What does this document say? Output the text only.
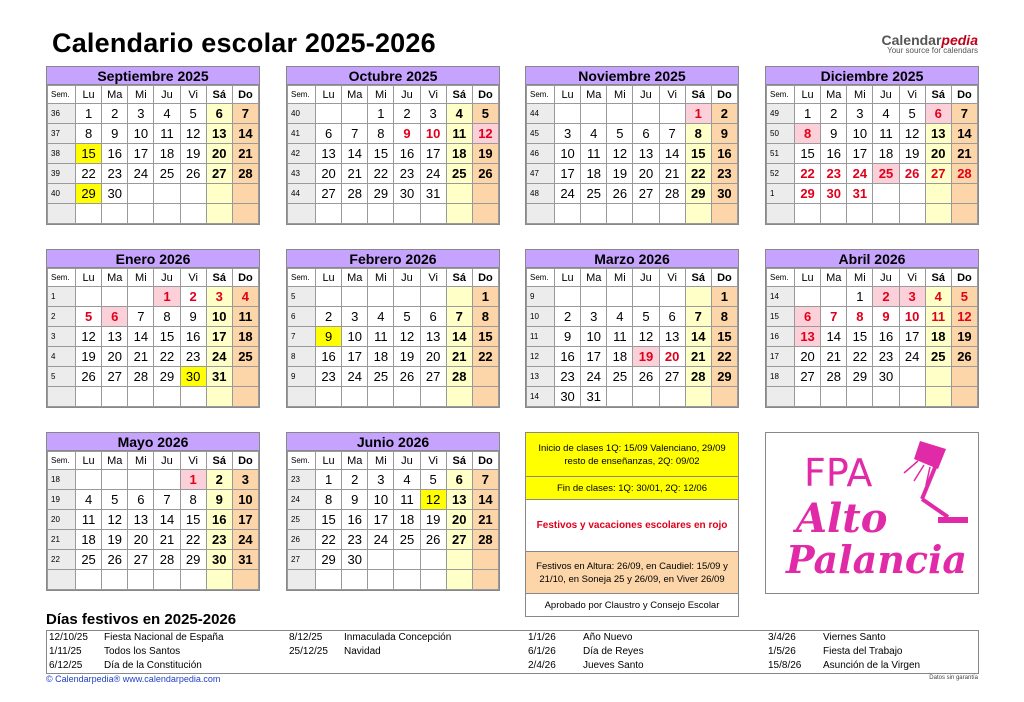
Calendario escolar 2025-2026	Calendarpedia
Your source for calendars
Septiembre 2025
Sem.	Lu	Ma	Mi	Ju	Vi	Sá	Do
36	1	2	3	4	5	6	7
37	8	9	10	11	12	13	14
38	15	16	17	18	19	20	21
39	22	23	24	25	26	27	28
40	29	30					

Octubre 2025
Sem.	Lu	Ma	Mi	Ju	Vi	Sá	Do
40			1	2	3	4	5
41	6	7	8	9	10	11	12
42	13	14	15	16	17	18	19
43	20	21	22	23	24	25	26
44	27	28	29	30	31		

Noviembre 2025
Sem.	Lu	Ma	Mi	Ju	Vi	Sá	Do
44						1	2
45	3	4	5	6	7	8	9
46	10	11	12	13	14	15	16
47	17	18	19	20	21	22	23
48	24	25	26	27	28	29	30

Diciembre 2025
Sem.	Lu	Ma	Mi	Ju	Vi	Sá	Do
49	1	2	3	4	5	6	7
50	8	9	10	11	12	13	14
51	15	16	17	18	19	20	21
52	22	23	24	25	26	27	28
1	29	30	31				

Enero 2026
Sem.	Lu	Ma	Mi	Ju	Vi	Sá	Do
1				1	2	3	4
2	5	6	7	8	9	10	11
3	12	13	14	15	16	17	18
4	19	20	21	22	23	24	25
5	26	27	28	29	30	31	

Febrero 2026
Sem.	Lu	Ma	Mi	Ju	Vi	Sá	Do
5							1
6	2	3	4	5	6	7	8
7	9	10	11	12	13	14	15
8	16	17	18	19	20	21	22
9	23	24	25	26	27	28	

Marzo 2026
Sem.	Lu	Ma	Mi	Ju	Vi	Sá	Do
9							1
10	2	3	4	5	6	7	8
11	9	10	11	12	13	14	15
12	16	17	18	19	20	21	22
13	23	24	25	26	27	28	29
14	30	31					
Abril 2026
Sem.	Lu	Ma	Mi	Ju	Vi	Sá	Do
14			1	2	3	4	5
15	6	7	8	9	10	11	12
16	13	14	15	16	17	18	19
17	20	21	22	23	24	25	26
18	27	28	29	30			

Mayo 2026
Sem.	Lu	Ma	Mi	Ju	Vi	Sá	Do
18					1	2	3
19	4	5	6	7	8	9	10
20	11	12	13	14	15	16	17
21	18	19	20	21	22	23	24
22	25	26	27	28	29	30	31

Junio 2026
Sem.	Lu	Ma	Mi	Ju	Vi	Sá	Do
23	1	2	3	4	5	6	7
24	8	9	10	11	12	13	14
25	15	16	17	18	19	20	21
26	22	23	24	25	26	27	28
27	29	30					

Inicio de clases 1Q: 15/09 Valenciano, 29/09 resto de enseñanzas, 2Q: 09/02
Fin de clases: 1Q: 30/01, 2Q: 12/06
Festivos y vacaciones escolares en rojo
Festivos en Altura: 26/09, en Caudiel: 15/09 y 21/10, en Soneja 25 y 26/09, en Viver 26/09
Aprobado por Claustro y Consejo Escolar
FPA
Alto
Palancia
Días festivos en 2025-2026
12/10/25 Fiesta Nacional de España
1/11/25 Todos los Santos
6/12/25 Día de la Constitución
8/12/25 Inmaculada Concepción
25/12/25 Navidad
1/1/26	Año Nuevo
6/1/26	Día de Reyes
2/4/26	Jueves Santo
3/4/26	Viernes Santo
1/5/26	Fiesta del Trabajo
15/8/26 Asunción de la Virgen
© Calendarpedia® www.calendarpedia.com	Datos sin garantía
